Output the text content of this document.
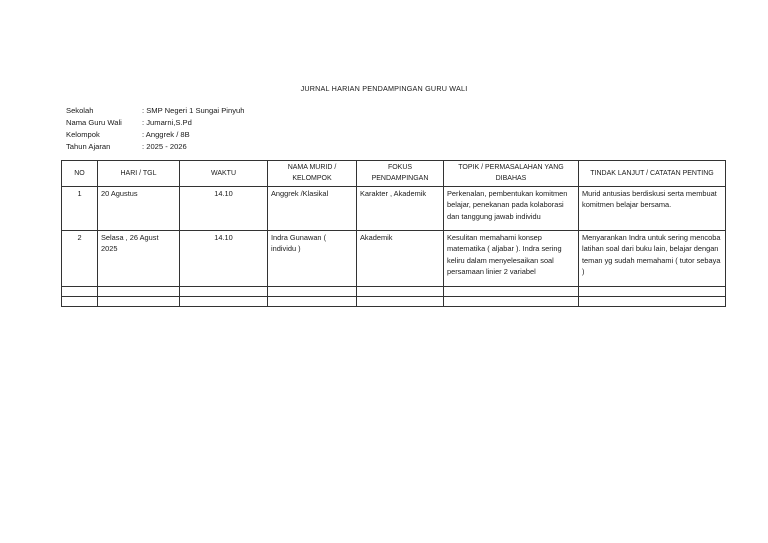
JURNAL HARIAN PENDAMPINGAN GURU WALI
Sekolah	: SMP Negeri 1 Sungai Pinyuh
Nama Guru Wali	: Jumarni,S.Pd
Kelompok	: Anggrek / 8B
Tahun Ajaran	: 2025 - 2026
NO	HARI / TGL	WAKTU	NAMA MURID / KELOMPOK	FOKUS PENDAMPINGAN	TOPIK / PERMASALAHAN YANG DIBAHAS	TINDAK LANJUT / CATATAN PENTING
1	20 Agustus	14.10	Anggrek /Klasikal	Karakter , Akademik	Perkenalan, pembentukan komitmen belajar, penekanan pada kolaborasi dan tanggung jawab individu	Murid antusias berdiskusi serta membuat komitmen belajar bersama.
2	Selasa , 26 Agust 2025	14.10	Indra Gunawan ( individu )	Akademik	Kesulitan memahami konsep matematika ( aljabar ). Indra sering keliru dalam menyelesaikan soal persamaan linier 2 variabel	Menyarankan Indra untuk sering mencoba latihan soal dari buku lain, belajar dengan teman yg sudah memahami ( tutor sebaya )
